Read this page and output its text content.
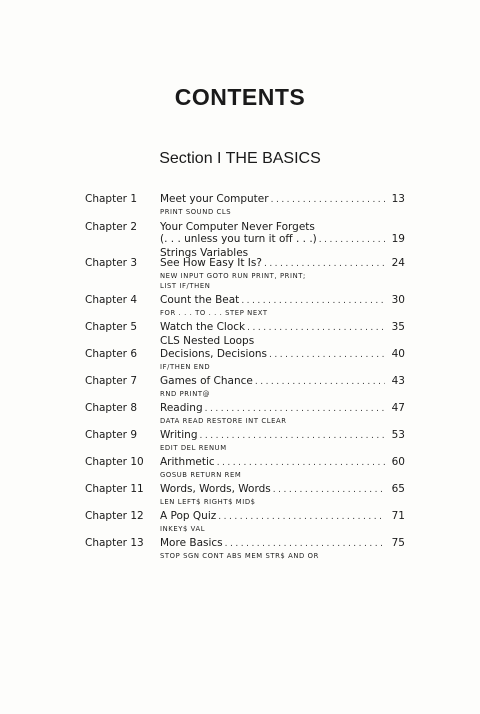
CONTENTS
Section I THE BASICS
Chapter 1 Meet your Computer .....	13
PRINT SOUND CLS
Chapter 2 Your Computer Never Forgets
(. . . unless you turn it off . . .) .....	19
Strings Variables
Chapter 3 See How Easy It Is? .....	24
NEW INPUT GOTO RUN PRINT, PRINT;
LIST IF/THEN
Chapter 4 Count the Beat .....	30
FOR . . . TO . . . STEP NEXT
Chapter 5 Watch the Clock .....	35
CLS Nested Loops
Chapter 6 Decisions, Decisions .....	40
IF/THEN END
Chapter 7 Games of Chance .....	43
RND PRINT@
Chapter 8 Reading .....	47
DATA READ RESTORE INT CLEAR
Chapter 9 Writing .....	53
EDIT DEL RENUM
Chapter 10 Arithmetic .....	60
GOSUB RETURN REM
Chapter 11 Words, Words, Words .....	65
LEN LEFT$ RIGHT$ MID$
Chapter 12 A Pop Quiz .....	71
INKEY$ VAL
Chapter 13 More Basics .....	75
STOP SGN CONT ABS MEM STR$ AND OR
